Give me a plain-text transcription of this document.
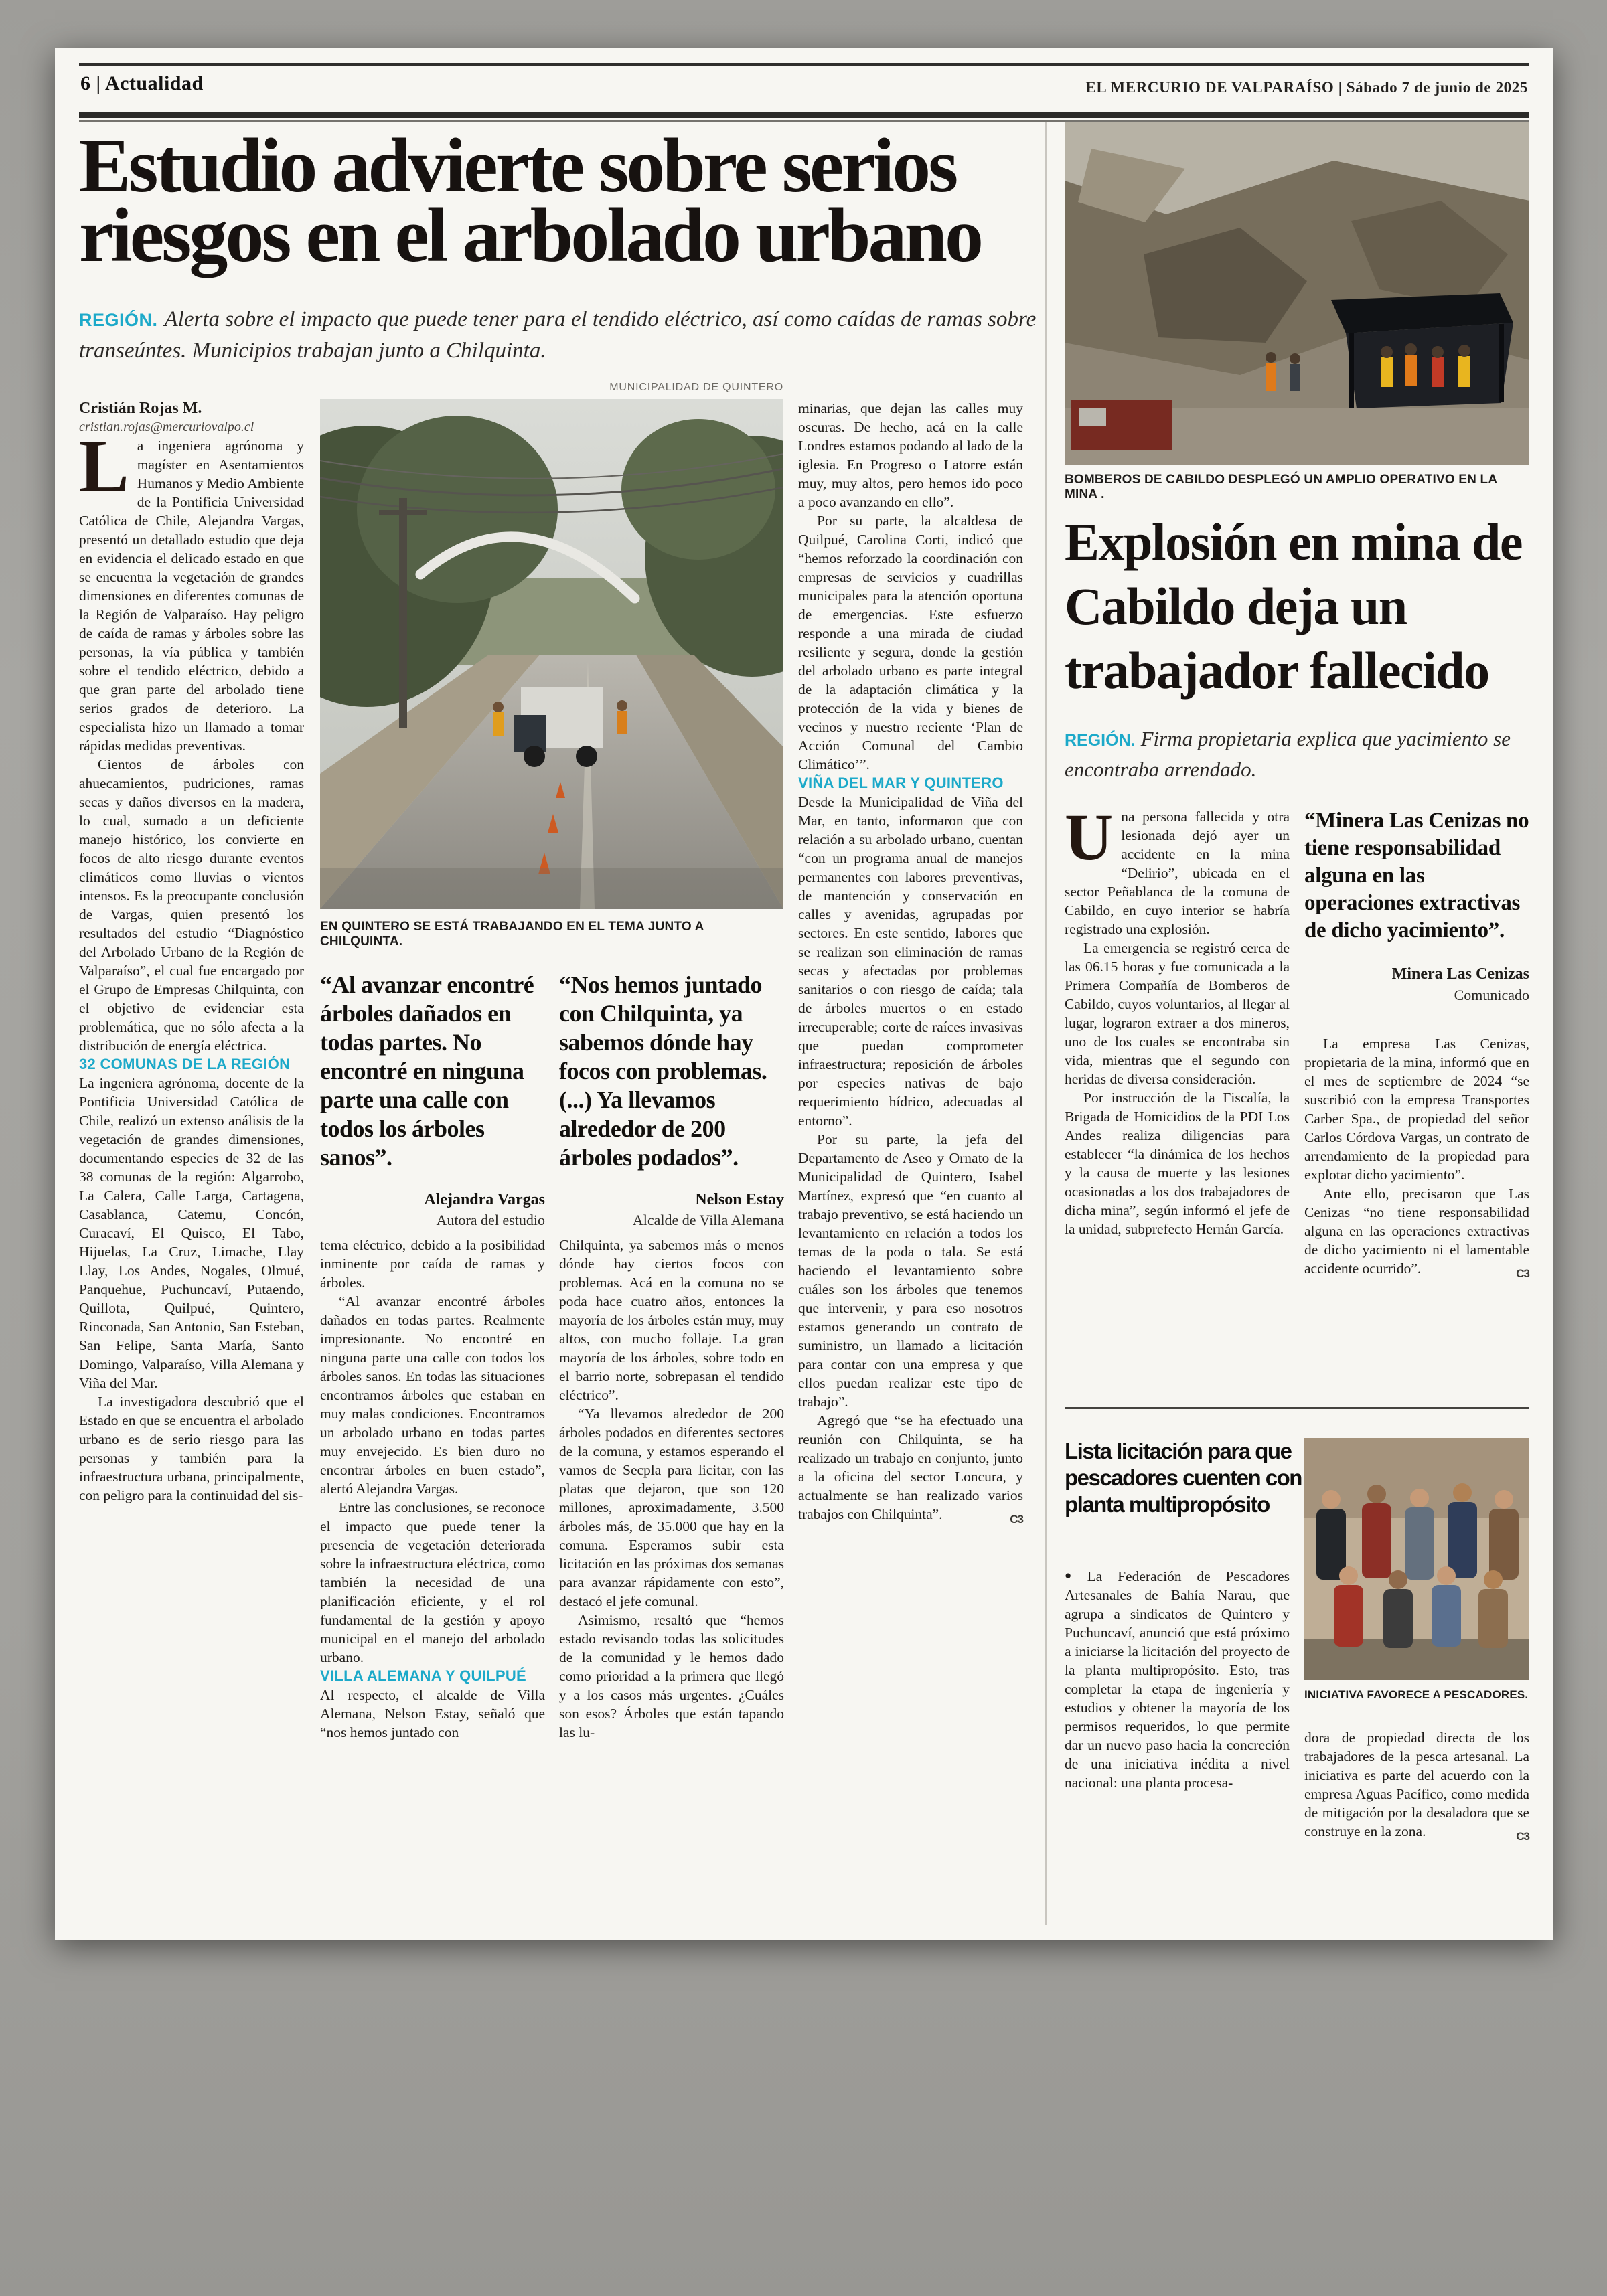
6 | Actualidad	EL MERCURIO DE VALPARAÍSO | Sábado 7 de junio de 2025
Estudio advierte sobre serios riesgos en el arbolado urbano
REGIÓN. Alerta sobre el impacto que puede tener para el tendido eléctrico, así como caídas de ramas sobre transeúntes. Municipios trabajan junto a Chilquinta.
MUNICIPALIDAD DE QUINTERO
EN QUINTERO SE ESTÁ TRABAJANDO EN EL TEMA JUNTO A CHILQUINTA.
“Al avanzar encontré árboles dañados en todas partes. No encontré en ninguna parte una calle con todos los árboles sanos”.
Alejandra Vargas
Autora del estudio
“Nos hemos juntado con Chilquinta, ya sabemos dónde hay focos con problemas. (...) Ya llevamos alrededor de 200 árboles podados”.
Nelson Estay
Alcalde de Villa Alemana

Cristián Rojas M.

cristian.rojas@mercuriovalpo.cl

La ingeniera agrónoma y magíster en Asentamientos Humanos y Medio Ambiente de la Pontificia Universidad Católica de Chile, Alejandra Vargas, presentó un detallado estudio que deja en evidencia el delicado estado en que se encuentra la vegetación de grandes dimensiones en diferentes comunas de la Región de Valparaíso. Hay peligro de caída de ramas y árboles sobre las personas, la vía pública y también sobre el tendido eléctrico, debido a que gran parte del arbolado tiene serios grados de deterioro. La especialista hizo un llamado a tomar rápidas medidas preventivas.

Cientos de árboles con ahuecamientos, pudriciones, ramas secas y daños diversos en la madera, lo cual, sumado a un deficiente manejo histórico, los convierte en focos de alto riesgo durante eventos climáticos como lluvias o vientos intensos. Es la preocupante conclusión de Vargas, quien presentó los resultados del estudio “Diagnóstico del Arbolado Urbano de la Región de Valparaíso”, el cual fue encargado por el Grupo de Empresas Chilquinta, con el objetivo de evidenciar esta problemática, que no sólo afecta a la distribución de energía eléctrica.

32 COMUNAS DE LA REGIÓN

La ingeniera agrónoma, docente de la Pontificia Universidad Católica de Chile, realizó un extenso análisis de la vegetación de grandes dimensiones, documentando especies de 32 de las 38 comunas de la región: Algarrobo, La Calera, Calle Larga, Cartagena, Casablanca, Catemu, Concón, Curacaví, El Quisco, El Tabo, Hijuelas, La Cruz, Limache, Llay Llay, Los Andes, Nogales, Olmué, Panquehue, Puchuncaví, Putaendo, Quillota, Quilpué, Quintero, Rinconada, San Antonio, San Esteban, San Felipe, Santa María, Santo Domingo, Valparaíso, Villa Alemana y Viña del Mar.

La investigadora descubrió que el Estado en que se encuentra el arbolado urbano es de serio riesgo para las personas y también para la infraestructura urbana, principalmente, con peligro para la continuidad del sis-

tema eléctrico, debido a la posibilidad inminente por caída de ramas y árboles.

“Al avanzar encontré árboles dañados en todas partes. Realmente impresionante. No encontré en ninguna parte una calle con todos los árboles sanos. En todas las situaciones encontramos árboles que estaban en muy malas condiciones. Encontramos un arbolado urbano en todas partes muy envejecido. Es bien duro no encontrar árboles en buen estado”, alertó Alejandra Vargas.

Entre las conclusiones, se reconoce el impacto que puede tener la presencia de vegetación deteriorada sobre la infraestructura eléctrica, como también la necesidad de una planificación eficiente, y el rol fundamental de la gestión y apoyo municipal en el manejo del arbolado urbano.

VILLA ALEMANA Y QUILPUÉ

Al respecto, el alcalde de Villa Alemana, Nelson Estay, señaló que “nos hemos juntado con

Chilquinta, ya sabemos más o menos dónde hay ciertos focos con problemas. Acá en la comuna no se poda hace cuatro años, entonces la mayoría de los árboles están muy, muy altos, con mucho follaje. La gran mayoría de los árboles, sobre todo en el barrio norte, sobrepasan el tendido eléctrico”.

“Ya llevamos alrededor de 200 árboles podados en diferentes sectores de la comuna, y estamos esperando el vamos de Secpla para licitar, con las platas que dejaron, que son 120 millones, aproximadamente, 3.500 árboles más, de 35.000 que hay en la comuna. Esperamos subir esta licitación en las próximas dos semanas para avanzar rápidamente con esto”, destacó el jefe comunal.

Asimismo, resaltó que “hemos estado revisando todas las solicitudes de la comunidad y le hemos dado como prioridad a la primera que llegó y a los casos más urgentes. ¿Cuáles son esos? Árboles que están tapando las lu-

minarias, que dejan las calles muy oscuras. De hecho, acá en la calle Londres estamos podando al lado de la iglesia. En Progreso o Latorre están muy, muy altos, pero hemos ido poco a poco avanzando en ello”.

Por su parte, la alcaldesa de Quilpué, Carolina Corti, indicó que “hemos reforzado la coordinación con empresas de servicios y cuadrillas municipales para la atención oportuna de emergencias. Este esfuerzo responde a una mirada de ciudad resiliente y segura, donde la gestión del arbolado urbano es parte integral de la adaptación climática y la protección de la vida y bienes de vecinos y nuestro reciente ‘Plan de Acción Comunal del Cambio Climático’”.

VIÑA DEL MAR Y QUINTERO

Desde la Municipalidad de Viña del Mar, en tanto, informaron que con relación a su arbolado urbano, cuentan “con un programa anual de manejos permanentes con labores preventivas, de mantención y conservación en calles y avenidas, agrupadas por sectores. En este sentido, labores que se realizan son eliminación de ramas secas y afectadas por problemas sanitarios o con riesgo de caída; tala de árboles muertos o en estado irrecuperable; corte de raíces invasivas que puedan comprometer infraestructura; reposición de árboles por especies nativas de bajo requerimiento hídrico, adecuadas al entorno”.

Por su parte, la jefa del Departamento de Aseo y Ornato de la Municipalidad de Quintero, Isabel Martínez, expresó que “en cuanto al trabajo preventivo, se está haciendo un levantamiento en relación a todos los temas de la poda o tala. Se está haciendo el levantamiento sobre cuáles son los árboles que tenemos que intervenir, y para eso nosotros estamos generando un contrato de suministro, un llamado a licitación para contar con una empresa y que ellos puedan realizar este tipo de trabajo”.

Agregó que “se ha efectuado una reunión con Chilquinta, se ha realizado un trabajo en conjunto, junto a la oficina del sector Loncura, y actualmente se han realizado varios trabajos con Chilquinta”.	C3

BOMBEROS DE CABILDO DESPLEGÓ UN AMPLIO OPERATIVO EN LA MINA .
Explosión en mina de Cabildo deja un trabajador fallecido
REGIÓN. Firma propietaria explica que yacimiento se encontraba arrendado.

Una persona fallecida y otra lesionada dejó ayer un accidente en la mina “Delirio”, ubicada en el sector Peñablanca de la comuna de Cabildo, en cuyo interior se habría registrado una explosión.

La emergencia se registró cerca de las 06.15 horas y fue comunicada a la Primera Compañía de Bomberos de Cabildo, cuyos voluntarios, al llegar al lugar, lograron extraer a dos mineros, uno de los cuales se encontraba sin vida, mientras que el segundo con heridas de diversa consideración.

Por instrucción de la Fiscalía, la Brigada de Homicidios de la PDI Los Andes realiza diligencias para establecer “la dinámica de los hechos y la causa de muerte y las lesiones ocasionadas a los dos trabajadores de dicha mina”, según informó el jefe de la unidad, subprefecto Hernán García.

“Minera Las Cenizas no tiene responsabilidad alguna en las operaciones extractivas de dicho yacimiento”.
Minera Las Cenizas
Comunicado

La empresa Las Cenizas, propietaria de la mina, informó que en el mes de septiembre de 2024 “se suscribió con la empresa Transportes Carber Spa., de propiedad del señor Carlos Córdova Vargas, un contrato de arrendamiento de la propiedad para explotar dicho yacimiento”.

Ante ello, precisaron que Las Cenizas “no tiene responsabilidad alguna en las operaciones extractivas de dicho yacimiento ni el lamentable accidente ocurrido”.	C3

Lista licitación para que pescadores cuenten con planta multipropósito

● La Federación de Pescadores Artesanales de Bahía Narau, que agrupa a sindicatos de Quintero y Puchuncaví, anunció que está próximo a iniciarse la licitación del proyecto de la planta multipropósito. Esto, tras completar la etapa de ingeniería y estudios y obtener la mayoría de los permisos requeridos, lo que permite dar un nuevo paso hacia la concreción de una iniciativa inédita a nivel nacional: una planta procesa-

INICIATIVA FAVORECE A PESCADORES.

dora de propiedad directa de los trabajadores de la pesca artesanal. La iniciativa es parte del acuerdo con la empresa Aguas Pacífico, como medida de mitigación por la desaladora que se construye en la zona.	C3
